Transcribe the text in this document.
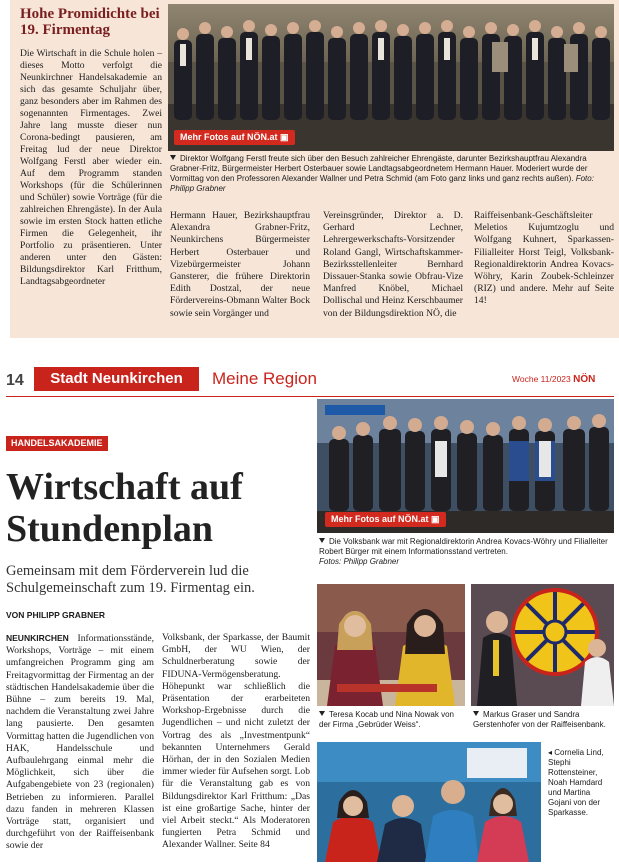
Hohe Promidichte bei 19. Firmentag
Die Wirtschaft in die Schule holen – dieses Motto verfolgt die Neunkirchner Handelsakademie an sich das gesamte Schuljahr über, ganz besonders aber im Rahmen des sogenannten Firmentages. Zwei Jahre lang musste dieser nun Corona-bedingt pausieren, am Freitag lud der neue Direktor Wolfgang Ferstl aber wieder ein. Auf dem Programm standen Workshops (für die Schülerinnen und Schüler) sowie Vorträge (für die zahlreichen Ehrengäste). In der Aula sowie im ersten Stock hatten etliche Firmen die Gelegenheit, ihr Portfolio zu präsentieren. Unter anderen unter den Gästen: Bildungsdirektor Karl Fritthum, Landtagsabgeordneter
Mehr Fotos auf NÖN.at ▣
Direktor Wolfgang Ferstl freute sich über den Besuch zahlreicher Ehrengäste, darunter Bezirkshauptfrau Alexandra Grabner-Fritz, Bürgermeister Herbert Osterbauer sowie Landtagsabgeordnetem Hermann Hauer. Moderiert wurde der Vormittag von den Professoren Alexander Wallner und Petra Schmid (am Foto ganz links und ganz rechts außen). Foto: Philipp Grabner
Hermann Hauer, Bezirkshauptfrau Alexandra Grabner-Fritz, Neunkirchens Bürgermeister Herbert Osterbauer und Vizebürgermeister Johann Gansterer, die frühere Direktorin Edith Dostzal, der neue Fördervereins-Obmann Walter Bock sowie sein Vorgänger und
Vereinsgründer, Direktor a. D. Gerhard Lechner, Lehrergewerkschafts-Vorsitzender Roland Gangl, Wirtschaftskammer-Bezirksstellenleiter Bernhard Dissauer-Stanka sowie Obfrau-Vize Manfred Knöbel, Michael Dollischal und Heinz Kerschbaumer von der Bildungsdirektion NÖ, die
Raiffeisenbank-Geschäftsleiter Meletios Kujumtzoglu und Wolfgang Kuhnert, Sparkassen-Filialleiter Horst Teigl, Volksbank-Regionaldirektorin Andrea Kovacs-Wöhry, Karin Zoubek-Schleinzer (RIZ) und andere. Mehr auf Seite 14!
14	Stadt Neunkirchen	Meine Region	Woche 11/2023 NÖN
HANDELSAKADEMIE
Wirtschaft auf Stundenplan
Gemeinsam mit dem Förderverein lud die Schulgemeinschaft zum 19. Firmentag ein.
VON PHILIPP GRABNER
NEUNKIRCHEN Informationsstände, Workshops, Vorträge – mit einem umfangreichen Programm ging am Freitagvormittag der Firmentag an der städtischen Handelsakademie über die Bühne – zum bereits 19. Mal, nachdem die Veranstaltung zwei Jahre lang pausierte. Den gesamten Vormittag hatten die Jugendlichen von HAK, Handelsschule und Aufbaulehrgang einmal mehr die Möglichkeit, sich über die Aufgabengebiete von 23 (regionalen) Betrieben zu informieren. Parallel dazu fanden in mehreren Klassen Vorträge statt, organisiert und durchgeführt von der Raiffeisenbank sowie der
Volksbank, der Sparkasse, der Baumit GmbH, der WU Wien, der Schuldnerberatung sowie der FIDUNA-Vermögensberatung. Höhepunkt war schließlich die Präsentation der erarbeiteten Workshop-Ergebnisse durch die Jugendlichen – und nicht zuletzt der Vortrag des als „Investmentpunk“ bekannten Unternehmers Gerald Hörhan, der in den Sozialen Medien immer wieder für Aufsehen sorgt. Lob für die Veranstaltung gab es von Bildungsdirektor Karl Fritthum: „Das ist eine großartige Sache, hinter der viel Arbeit steckt.“ Als Moderatoren fungierten Petra Schmid und Alexander Wallner. Seite 84
Mehr Fotos auf NÖN.at ▣
Die Volksbank war mit Regionaldirektorin Andrea Kovacs-Wöhry und Filialleiter Robert Bürger mit einem Informationsstand vertreten.
Fotos: Philipp Grabner
Teresa Kocab und Nina Nowak von der Firma „Gebrüder Weiss“.
Markus Graser und Sandra Gerstenhofer von der Raiffeisenbank.
◂ Cornelia Lind, Stephi Rottensteiner, Noah Hamdard und Martina Gojani von der Sparkasse.
